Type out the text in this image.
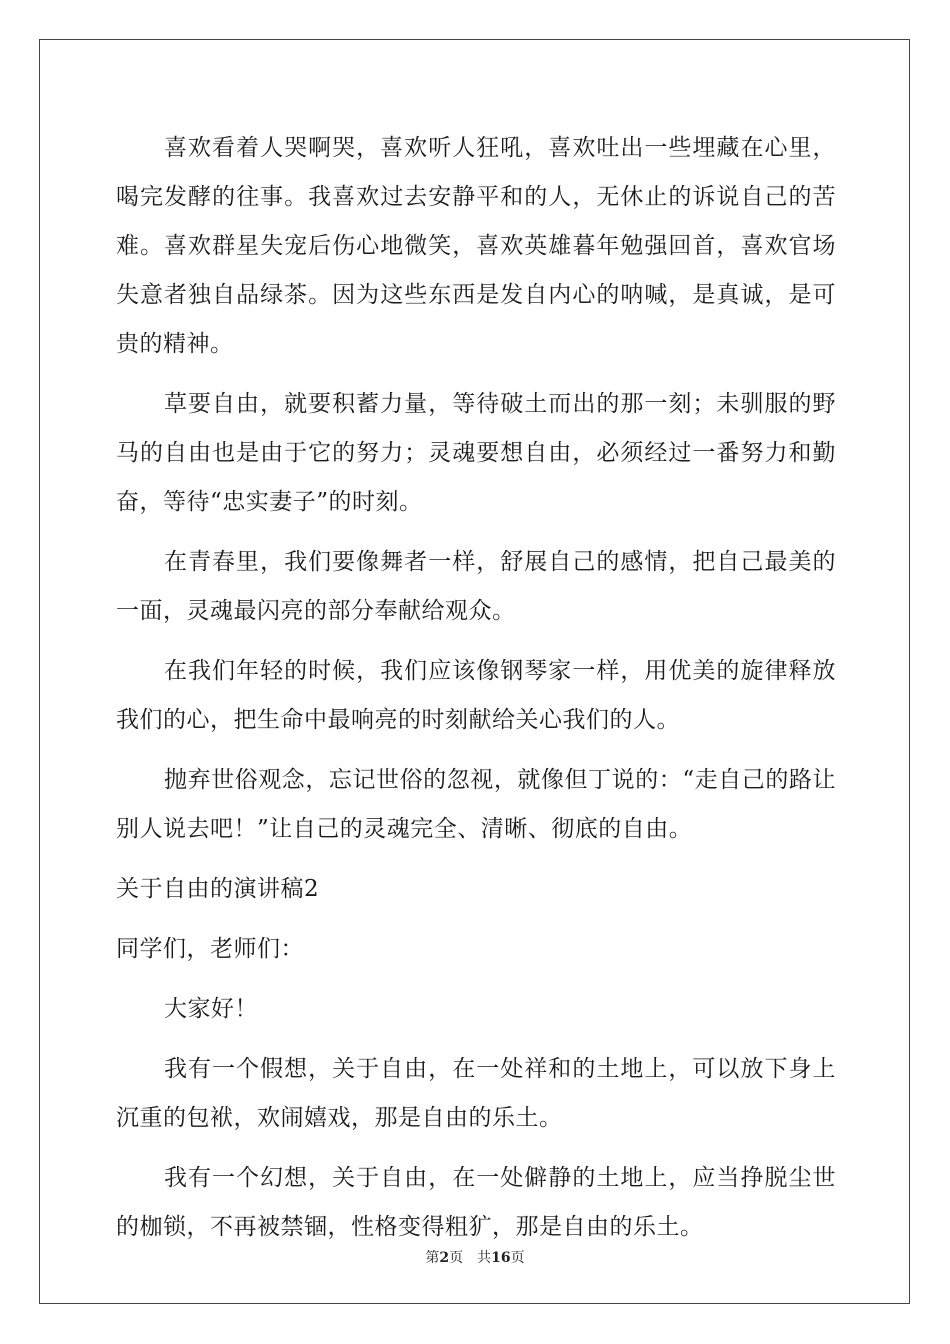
喜欢看着人哭啊哭，喜欢听人狂吼，喜欢吐出一些埋藏在心里，喝完发酵的往事。我喜欢过去安静平和的人，无休止的诉说自己的苦难。喜欢群星失宠后伤心地微笑，喜欢英雄暮年勉强回首，喜欢官场失意者独自品绿茶。因为这些东西是发自内心的呐喊，是真诚，是可贵的精神。

草要自由，就要积蓄力量，等待破土而出的那一刻；未驯服的野马的自由也是由于它的努力；灵魂要想自由，必须经过一番努力和勤奋，等待“忠实妻子”的时刻。

在青春里，我们要像舞者一样，舒展自己的感情，把自己最美的一面，灵魂最闪亮的部分奉献给观众。

在我们年轻的时候，我们应该像钢琴家一样，用优美的旋律释放我们的心，把生命中最响亮的时刻献给关心我们的人。

抛弃世俗观念，忘记世俗的忽视，就像但丁说的：“走自己的路让别人说去吧！”让自己的灵魂完全、清晰、彻底的自由。

关于自由的演讲稿2
同学们，老师们：

大家好！

我有一个假想，关于自由，在一处祥和的土地上，可以放下身上沉重的包袱，欢闹嬉戏，那是自由的乐土。

我有一个幻想，关于自由，在一处僻静的土地上，应当挣脱尘世的枷锁，不再被禁锢，性格变得粗犷，那是自由的乐土。

第2页　共16页
